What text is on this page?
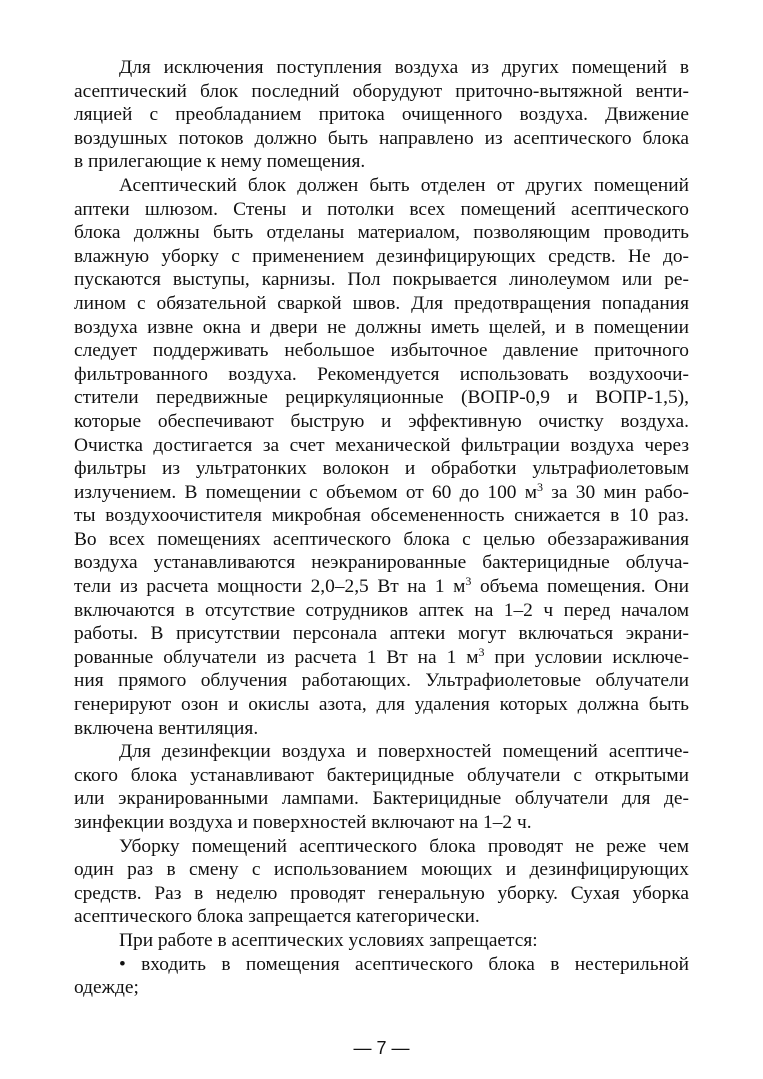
Для исключения поступления воздуха из других помещений в
асептический блок последний оборудуют приточно-вытяжной венти-
ляцией с преобладанием притока очищенного воздуха. Движение
воздушных потоков должно быть направлено из асептического блока
в прилегающие к нему помещения.
Асептический блок должен быть отделен от других помещений
аптеки шлюзом. Стены и потолки всех помещений асептического
блока должны быть отделаны материалом, позволяющим проводить
влажную уборку с применением дезинфицирующих средств. Не до-
пускаются выступы, карнизы. Пол покрывается линолеумом или ре-
лином с обязательной сваркой швов. Для предотвращения попадания
воздуха извне окна и двери не должны иметь щелей, и в помещении
следует поддерживать небольшое избыточное давление приточного
фильтрованного воздуха. Рекомендуется использовать воздухоочи-
стители передвижные рециркуляционные (ВОПР-0,9 и ВОПР-1,5),
которые обеспечивают быструю и эффективную очистку воздуха.
Очистка достигается за счет механической фильтрации воздуха через
фильтры из ультратонких волокон и обработки ультрафиолетовым
излучением. В помещении с объемом от 60 до 100 $м^3$ за 30 мин рабо-
ты воздухоочистителя микробная обсемененность снижается в 10 раз.
Во всех помещениях асептического блока с целью обеззараживания
воздуха устанавливаются неэкранированные бактерицидные облуча-
тели из расчета мощности 2,0–2,5 Вт на 1 $м^3$ объема помещения. Они
включаются в отсутствие сотрудников аптек на 1–2 ч перед началом
работы. В присутствии персонала аптеки могут включаться экрани-
рованные облучатели из расчета 1 Вт на 1 $м^3$ при условии исключе-
ния прямого облучения работающих. Ультрафиолетовые облучатели
генерируют озон и окислы азота, для удаления которых должна быть
включена вентиляция.
Для дезинфекции воздуха и поверхностей помещений асептиче-
ского блока устанавливают бактерицидные облучатели с открытыми
или экранированными лампами. Бактерицидные облучатели для де-
зинфекции воздуха и поверхностей включают на 1–2 ч.
Уборку помещений асептического блока проводят не реже чем
один раз в смену с использованием моющих и дезинфицирующих
средств. Раз в неделю проводят генеральную уборку. Сухая уборка
асептического блока запрещается категорически.
При работе в асептических условиях запрещается:
• входить в помещения асептического блока в нестерильной
одежде;
— 7 —
